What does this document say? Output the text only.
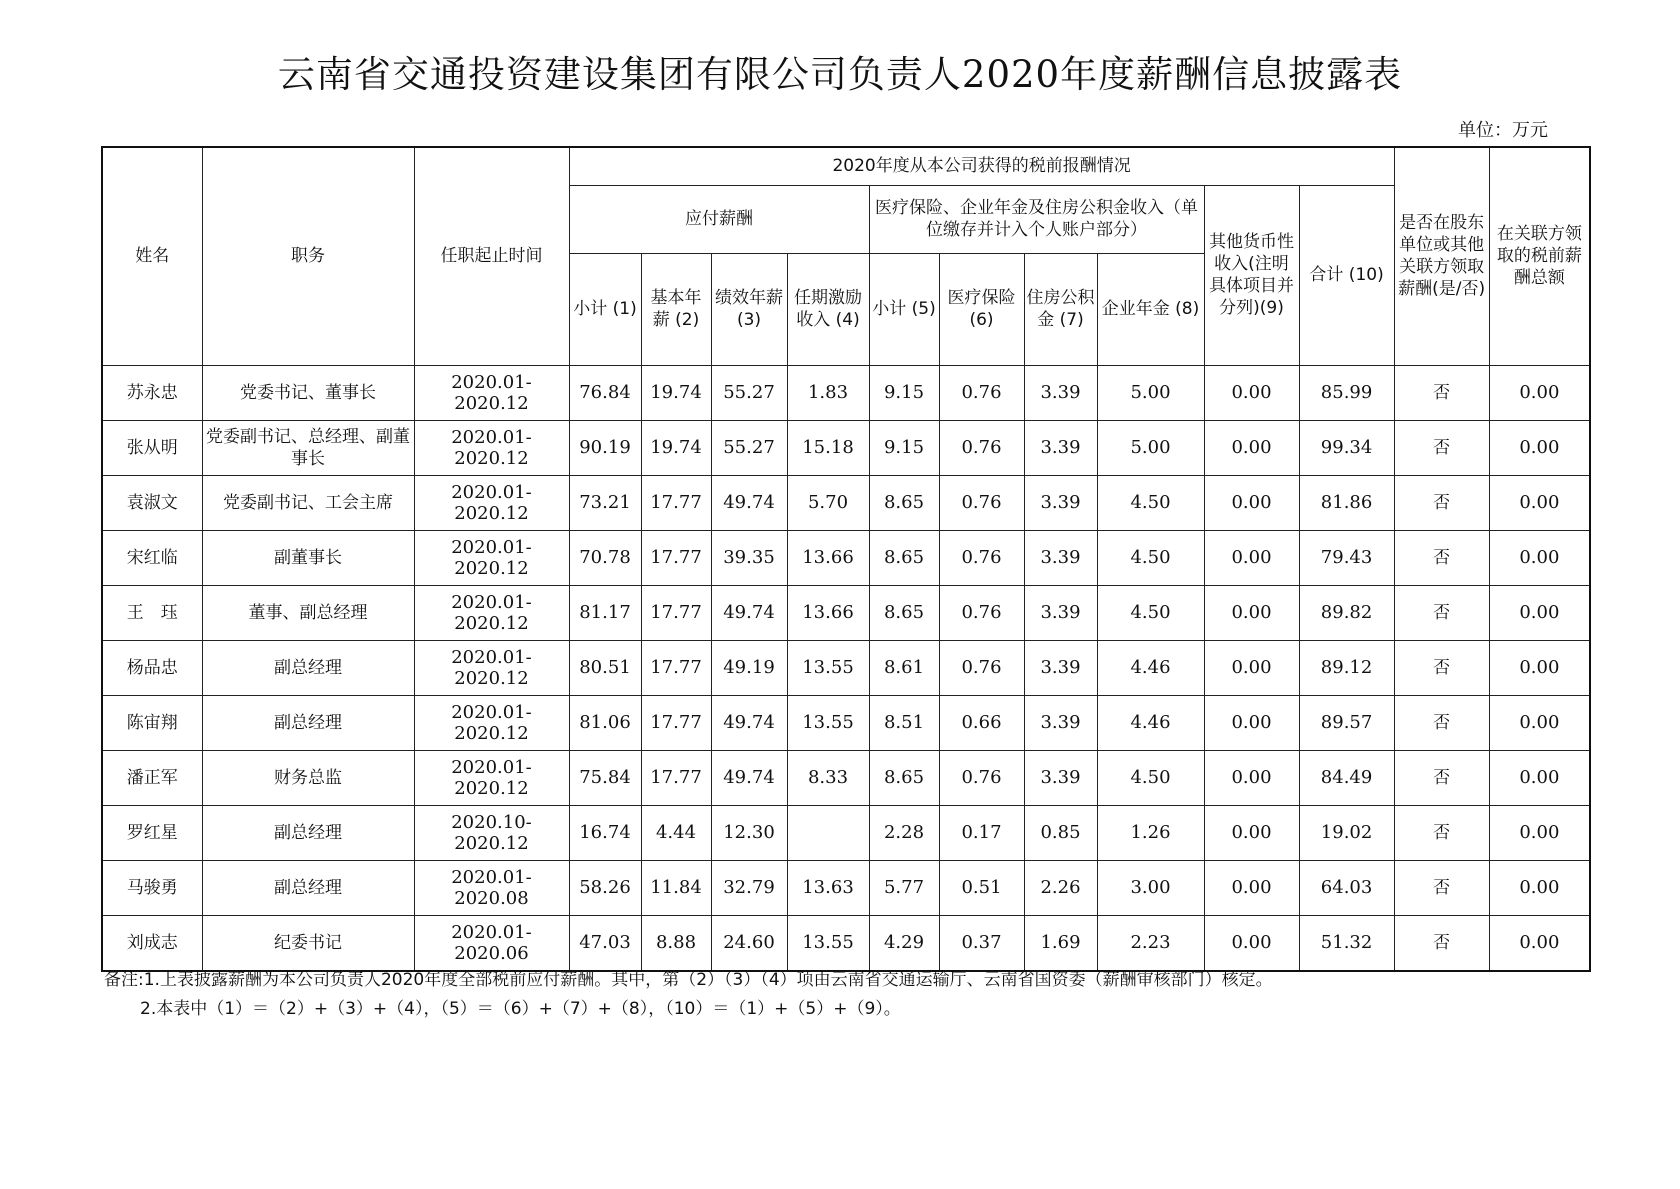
云南省交通投资建设集团有限公司负责人2020年度薪酬信息披露表
单位：万元
姓名	职务	任职起止时间	2020年度从本公司获得的税前报酬情况										是否在股东单位或其他关联方领取薪酬(是/否)	在关联方领取的税前薪酬总额
			应付薪酬				医疗保险、企业年金及住房公积金收入（单位缴存并计入个人账户部分）				其他货币性收入(注明具体项目并分列)(9)	合计 (10)		
			小计 (1)	基本年薪 (2)	绩效年薪 (3)	任期激励收入 (4)	小计 (5)	医疗保险 (6)	住房公积金 (7)	企业年金 (8)				
苏永忠	党委书记、董事长	2020.01-2020.12	76.84	19.74	55.27	1.83	9.15	0.76	3.39	5.00	0.00	85.99	否	0.00
张从明	党委副书记、总经理、副董事长	2020.01-2020.12	90.19	19.74	55.27	15.18	9.15	0.76	3.39	5.00	0.00	99.34	否	0.00
袁淑文	党委副书记、工会主席	2020.01-2020.12	73.21	17.77	49.74	5.70	8.65	0.76	3.39	4.50	0.00	81.86	否	0.00
宋红临	副董事长	2020.01-2020.12	70.78	17.77	39.35	13.66	8.65	0.76	3.39	4.50	0.00	79.43	否	0.00
王　珏	董事、副总经理	2020.01-2020.12	81.17	17.77	49.74	13.66	8.65	0.76	3.39	4.50	0.00	89.82	否	0.00
杨品忠	副总经理	2020.01-2020.12	80.51	17.77	49.19	13.55	8.61	0.76	3.39	4.46	0.00	89.12	否	0.00
陈宙翔	副总经理	2020.01-2020.12	81.06	17.77	49.74	13.55	8.51	0.66	3.39	4.46	0.00	89.57	否	0.00
潘正军	财务总监	2020.01-2020.12	75.84	17.77	49.74	8.33	8.65	0.76	3.39	4.50	0.00	84.49	否	0.00
罗红星	副总经理	2020.10-2020.12	16.74	4.44	12.30		2.28	0.17	0.85	1.26	0.00	19.02	否	0.00
马骏勇	副总经理	2020.01-2020.08	58.26	11.84	32.79	13.63	5.77	0.51	2.26	3.00	0.00	64.03	否	0.00
刘成志	纪委书记	2020.01-2020.06	47.03	8.88	24.60	13.55	4.29	0.37	1.69	2.23	0.00	51.32	否	0.00
备注:1.上表披露薪酬为本公司负责人2020年度全部税前应付薪酬。其中，第（2）（3）（4）项由云南省交通运输厅、云南省国资委（薪酬审核部门）核定。
2.本表中（1）＝（2）+（3）+（4），（5）＝（6）+（7）+（8），（10）＝（1）+（5）+（9）。
